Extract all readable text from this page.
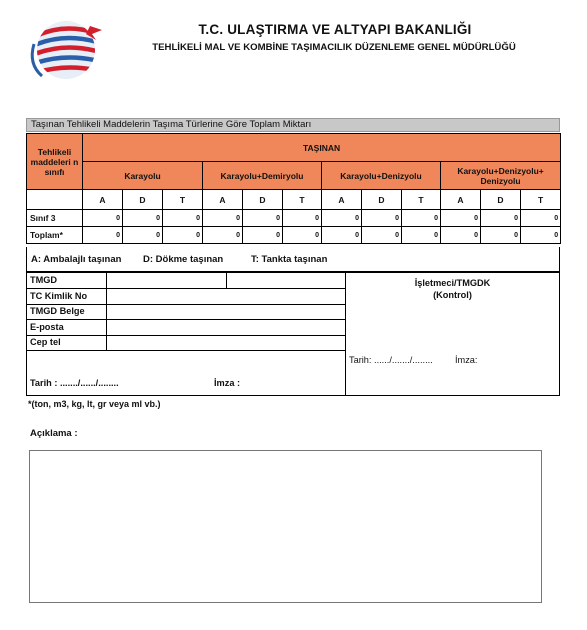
T.C. ULAŞTIRMA VE ALTYAPI BAKANLIĞI
TEHLİKELİ MAL VE KOMBİNE TAŞIMACILIK DÜZENLEME GENEL MÜDÜRLÜĞÜ
Taşınan Tehlikeli Maddelerin Taşıma Türlerine Göre Toplam Miktarı
Tehlikeli maddeleri n sınıfı	TAŞINAN											
	Karayolu			Karayolu+Demiryolu			Karayolu+Denizyolu			Karayolu+Denizyolu+ Denizyolu		
	A	D	T	A	D	T	A	D	T	A	D	T
Sınıf 3	0	0	0	0	0	0	0	0	0	0	0	0
Toplam*	0	0	0	0	0	0	0	0	0	0	0	0
A: Ambalajlı taşınan D: Dökme taşınan	T: Tankta taşınan
TMGD
TC Kimlik No
TMGD Belge
E-posta
Cep tel
Tarih : ......./....../........	İmza :
İşletmeci/TMGDK
(Kontrol)
Tarih: ....../......./........ İmza:
*(ton, m3, kg, lt, gr veya ml vb.)
Açıklama :
